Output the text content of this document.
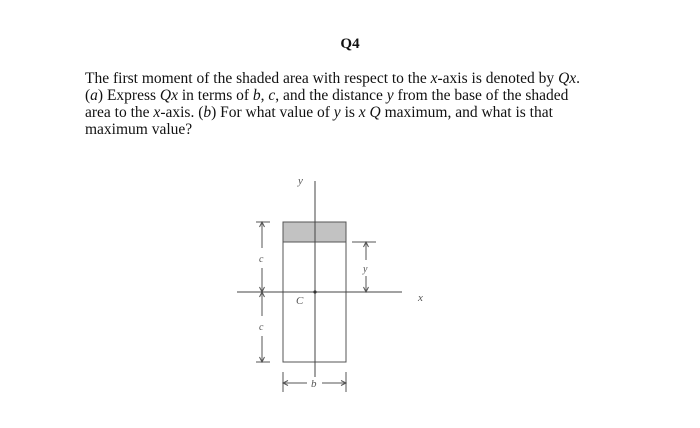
Q4
The first moment of the shaded area with respect to the x-axis is denoted by Qx.
(a) Express Qx in terms of b, c, and the distance y from the base of the shaded
area to the x-axis. (b) For what value of y is x Q maximum, and what is that
maximum value?
y
x
C
c
c
y
b
